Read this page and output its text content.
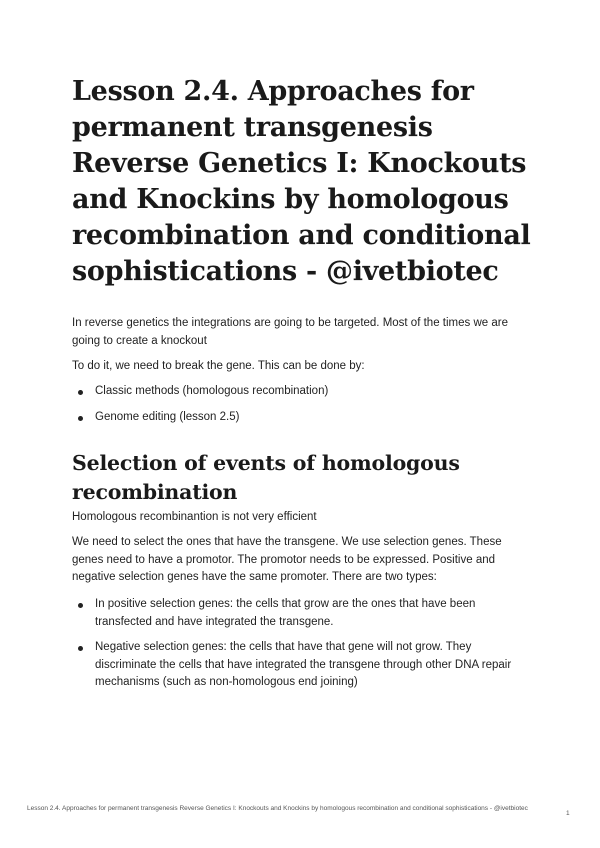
Lesson 2.4. Approaches for permanent transgenesis Reverse Genetics I: Knockouts and Knockins by homologous recombination and conditional sophistications - @ivetbiotec

In reverse genetics the integrations are going to be targeted. Most of the times we are going to create a knockout

To do it, we need to break the gene. This can be done by:

Classic methods (homologous recombination)
Genome editing (lesson 2.5)
Selection of events of homologous recombination

Homologous recombinantion is not very efficient

We need to select the ones that have the transgene. We use selection genes. These genes need to have a promotor. The promotor needs to be expressed. Positive and negative selection genes have the same promoter. There are two types:

In positive selection genes: the cells that grow are the ones that have been transfected and have integrated the transgene.
Negative selection genes: the cells that have that gene will not grow. They discriminate the cells that have integrated the transgene through other DNA repair mechanisms (such as non-homologous end joining)
Lesson 2.4. Approaches for permanent transgenesis Reverse Genetics I: Knockouts and Knockins by homologous recombination and conditional sophistications - @ivetbiotec
1
